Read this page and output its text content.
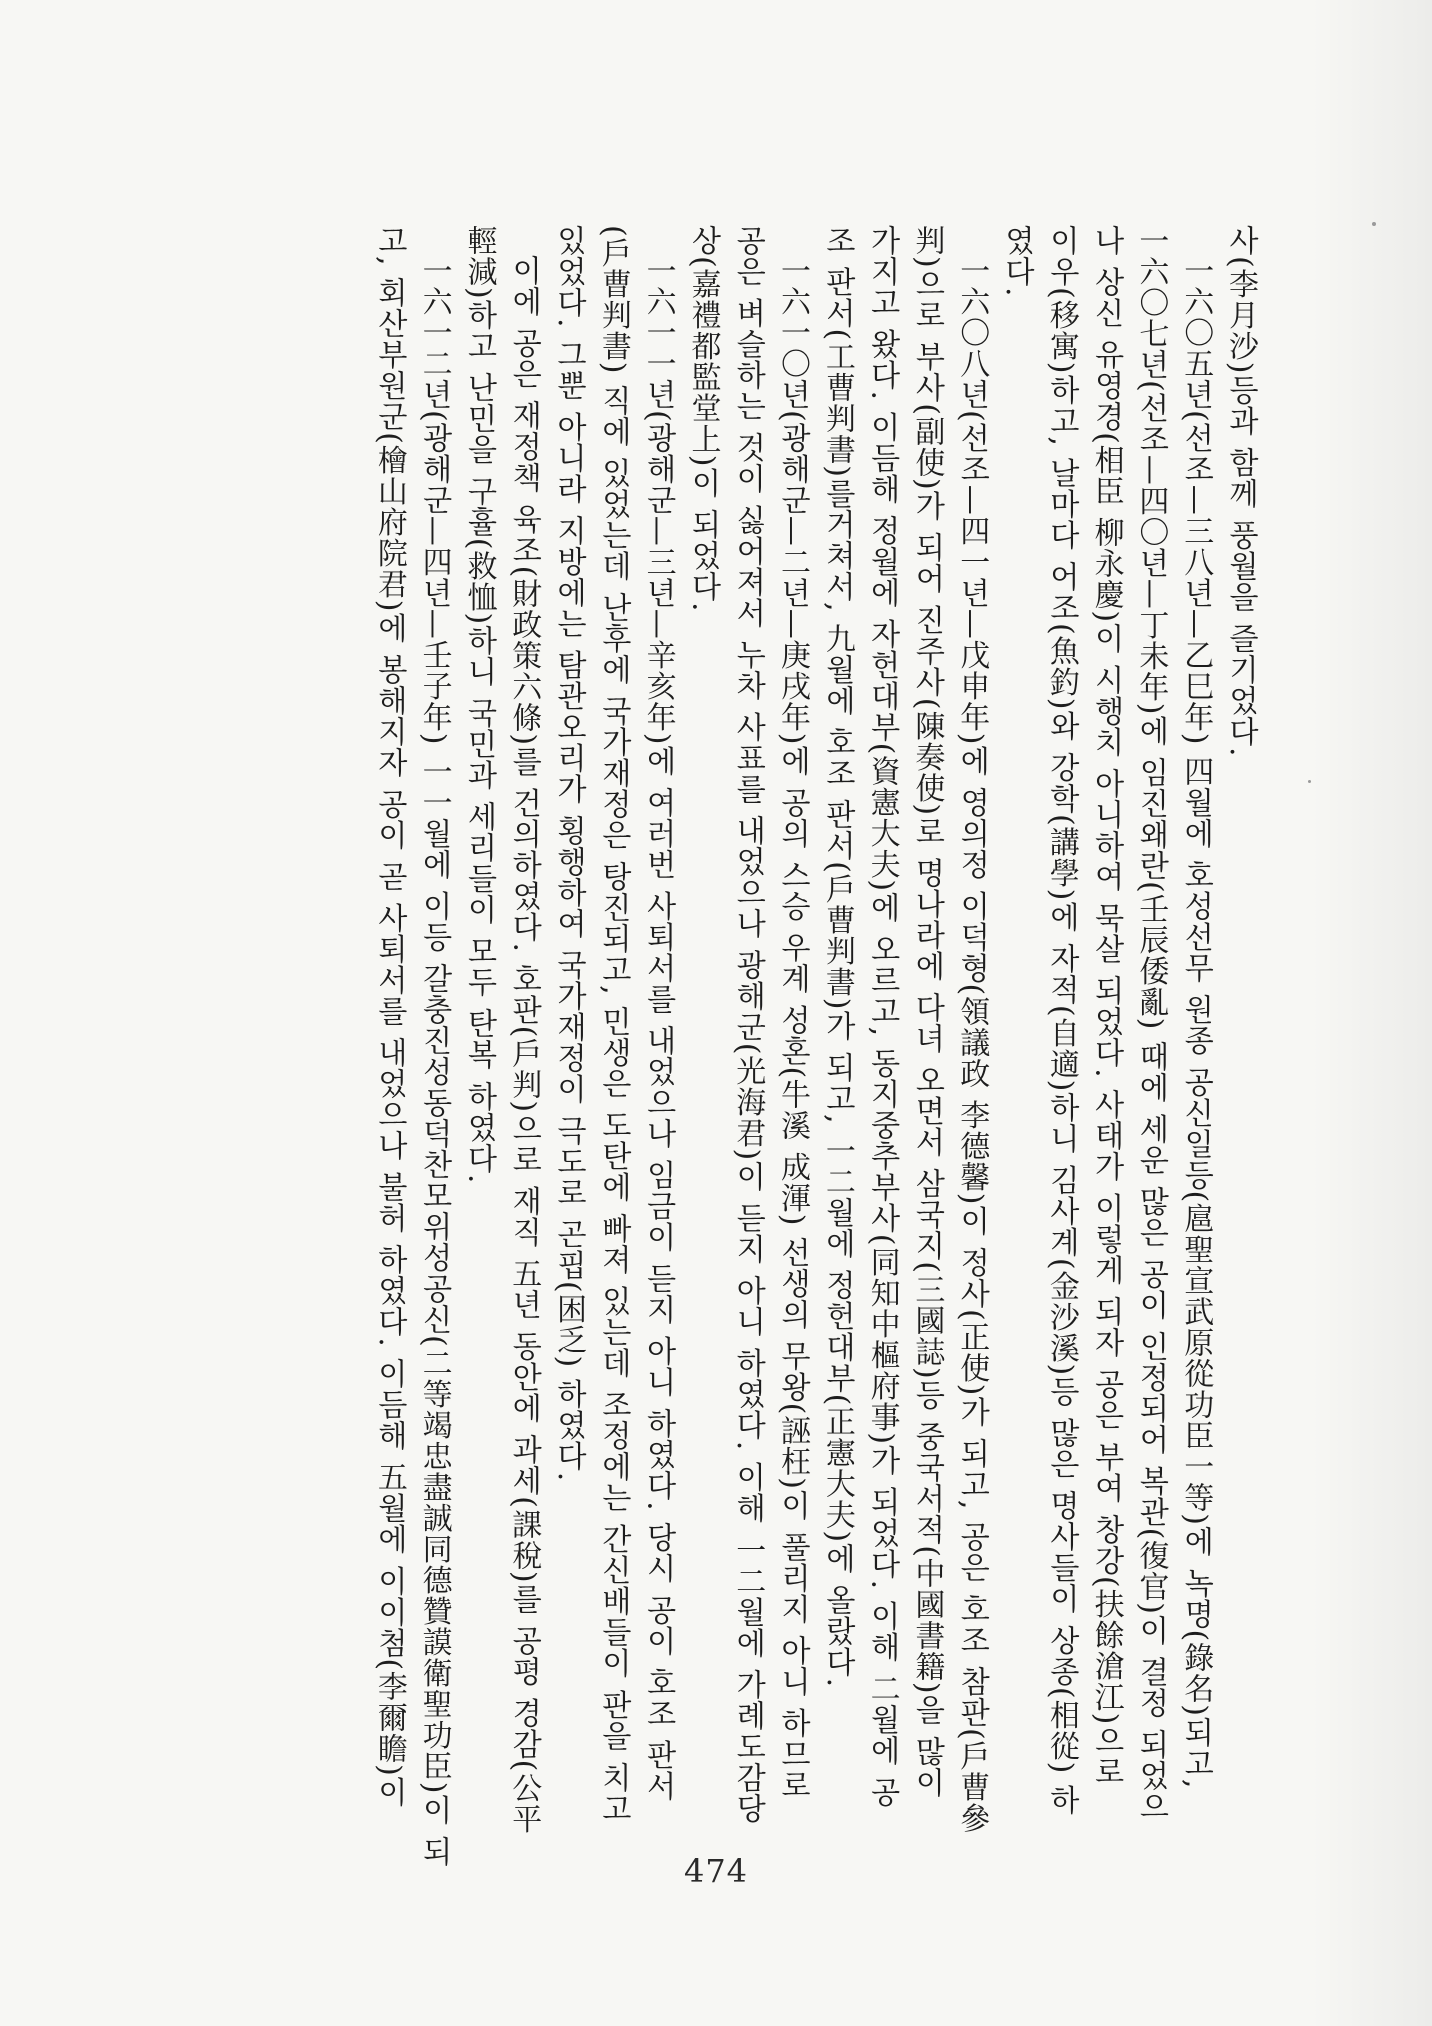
사(李月沙)등과 함께 풍월을 즐기었다.
一六〇五년(선조—三八년—乙巳年) 四월에 호성선무 원종 공신일등(扈聖宣武原從功臣一等)에 녹명(錄名)되고,
一六〇七년(선조—四〇년—丁未年)에 임진왜란(壬辰倭亂) 때에 세운 많은 공이 인정되어 복관(復官)이 결정 되었으
나 상신 유영경(相臣 柳永慶)이 시행치 아니하여 묵살 되었다. 사태가 이렇게 되자 공은 부여 창강(扶餘滄江)으로
이우(移寓)하고, 날마다 어조(魚釣)와 강학(講學)에 자적(自適)하니 김사계(金沙溪)등 많은 명사들이 상종(相從) 하
였다.
一六〇八년(선조—四一년—戊申年)에 영의정 이덕형(領議政 李德馨)이 정사(正使)가 되고, 공은 호조 참판(戶曹參
判)으로 부사(副使)가 되어 진주사(陳奏使)로 명나라에 다녀 오면서 삼국지(三國誌)등 중국서적(中國書籍)을 많이
가지고 왔다. 이듬해 정월에 자헌대부(資憲大夫)에 오르고, 동지중추부사(同知中樞府事)가 되었다. 이해 二월에 공
조 판서(工曹判書)를거쳐서, 九월에 호조 판서(戶曹判書)가 되고, 一二월에 정헌대부(正憲大夫)에 올랐다.
一六一〇년(광해군—二년—庚戌年)에 공의 스승 우계 성혼(牛溪 成渾) 선생의 무왕(誣枉)이 풀리지 아니 하므로
공은 벼슬하는 것이 싫어져서 누차 사표를 내었으나 광해군(光海君)이 듣지 아니 하였다. 이해 一二월에 가례도감당
상(嘉禮都監堂上)이 되었다.
一六一一년(광해군—三년—辛亥年)에 여러번 사퇴서를 내었으나 임금이 듣지 아니 하였다. 당시 공이 호조 판서
(戶曹判書) 직에 있었는데 난후에 국가재정은 탕진되고, 민생은 도탄에 빠져 있는데 조정에는 간신배들이 판을 치고
있었다. 그뿐 아니라 지방에는 탐관오리가 횡행하여 국가재정이 극도로 곤핍(困乏) 하였다.
이에 공은 재정책 육조(財政策六條)를 건의하였다. 호판(戶判)으로 재직 五년 동안에 과세(課稅)를 공평 경감(公平
輕減)하고 난민을 구휼(救恤)하니 국민과 세리들이 모두 탄복 하였다.
一六一二년(광해군—四년—壬子年) 一一월에 이등 갈충진성동덕찬모위성공신(二等竭忠盡誠同德贊謨衛聖功臣)이 되
고, 회산부원군(檜山府院君)에 봉해지자 공이 곧 사퇴서를 내었으나 불허 하였다. 이듬해 五월에 이이첨(李爾瞻)이
474
